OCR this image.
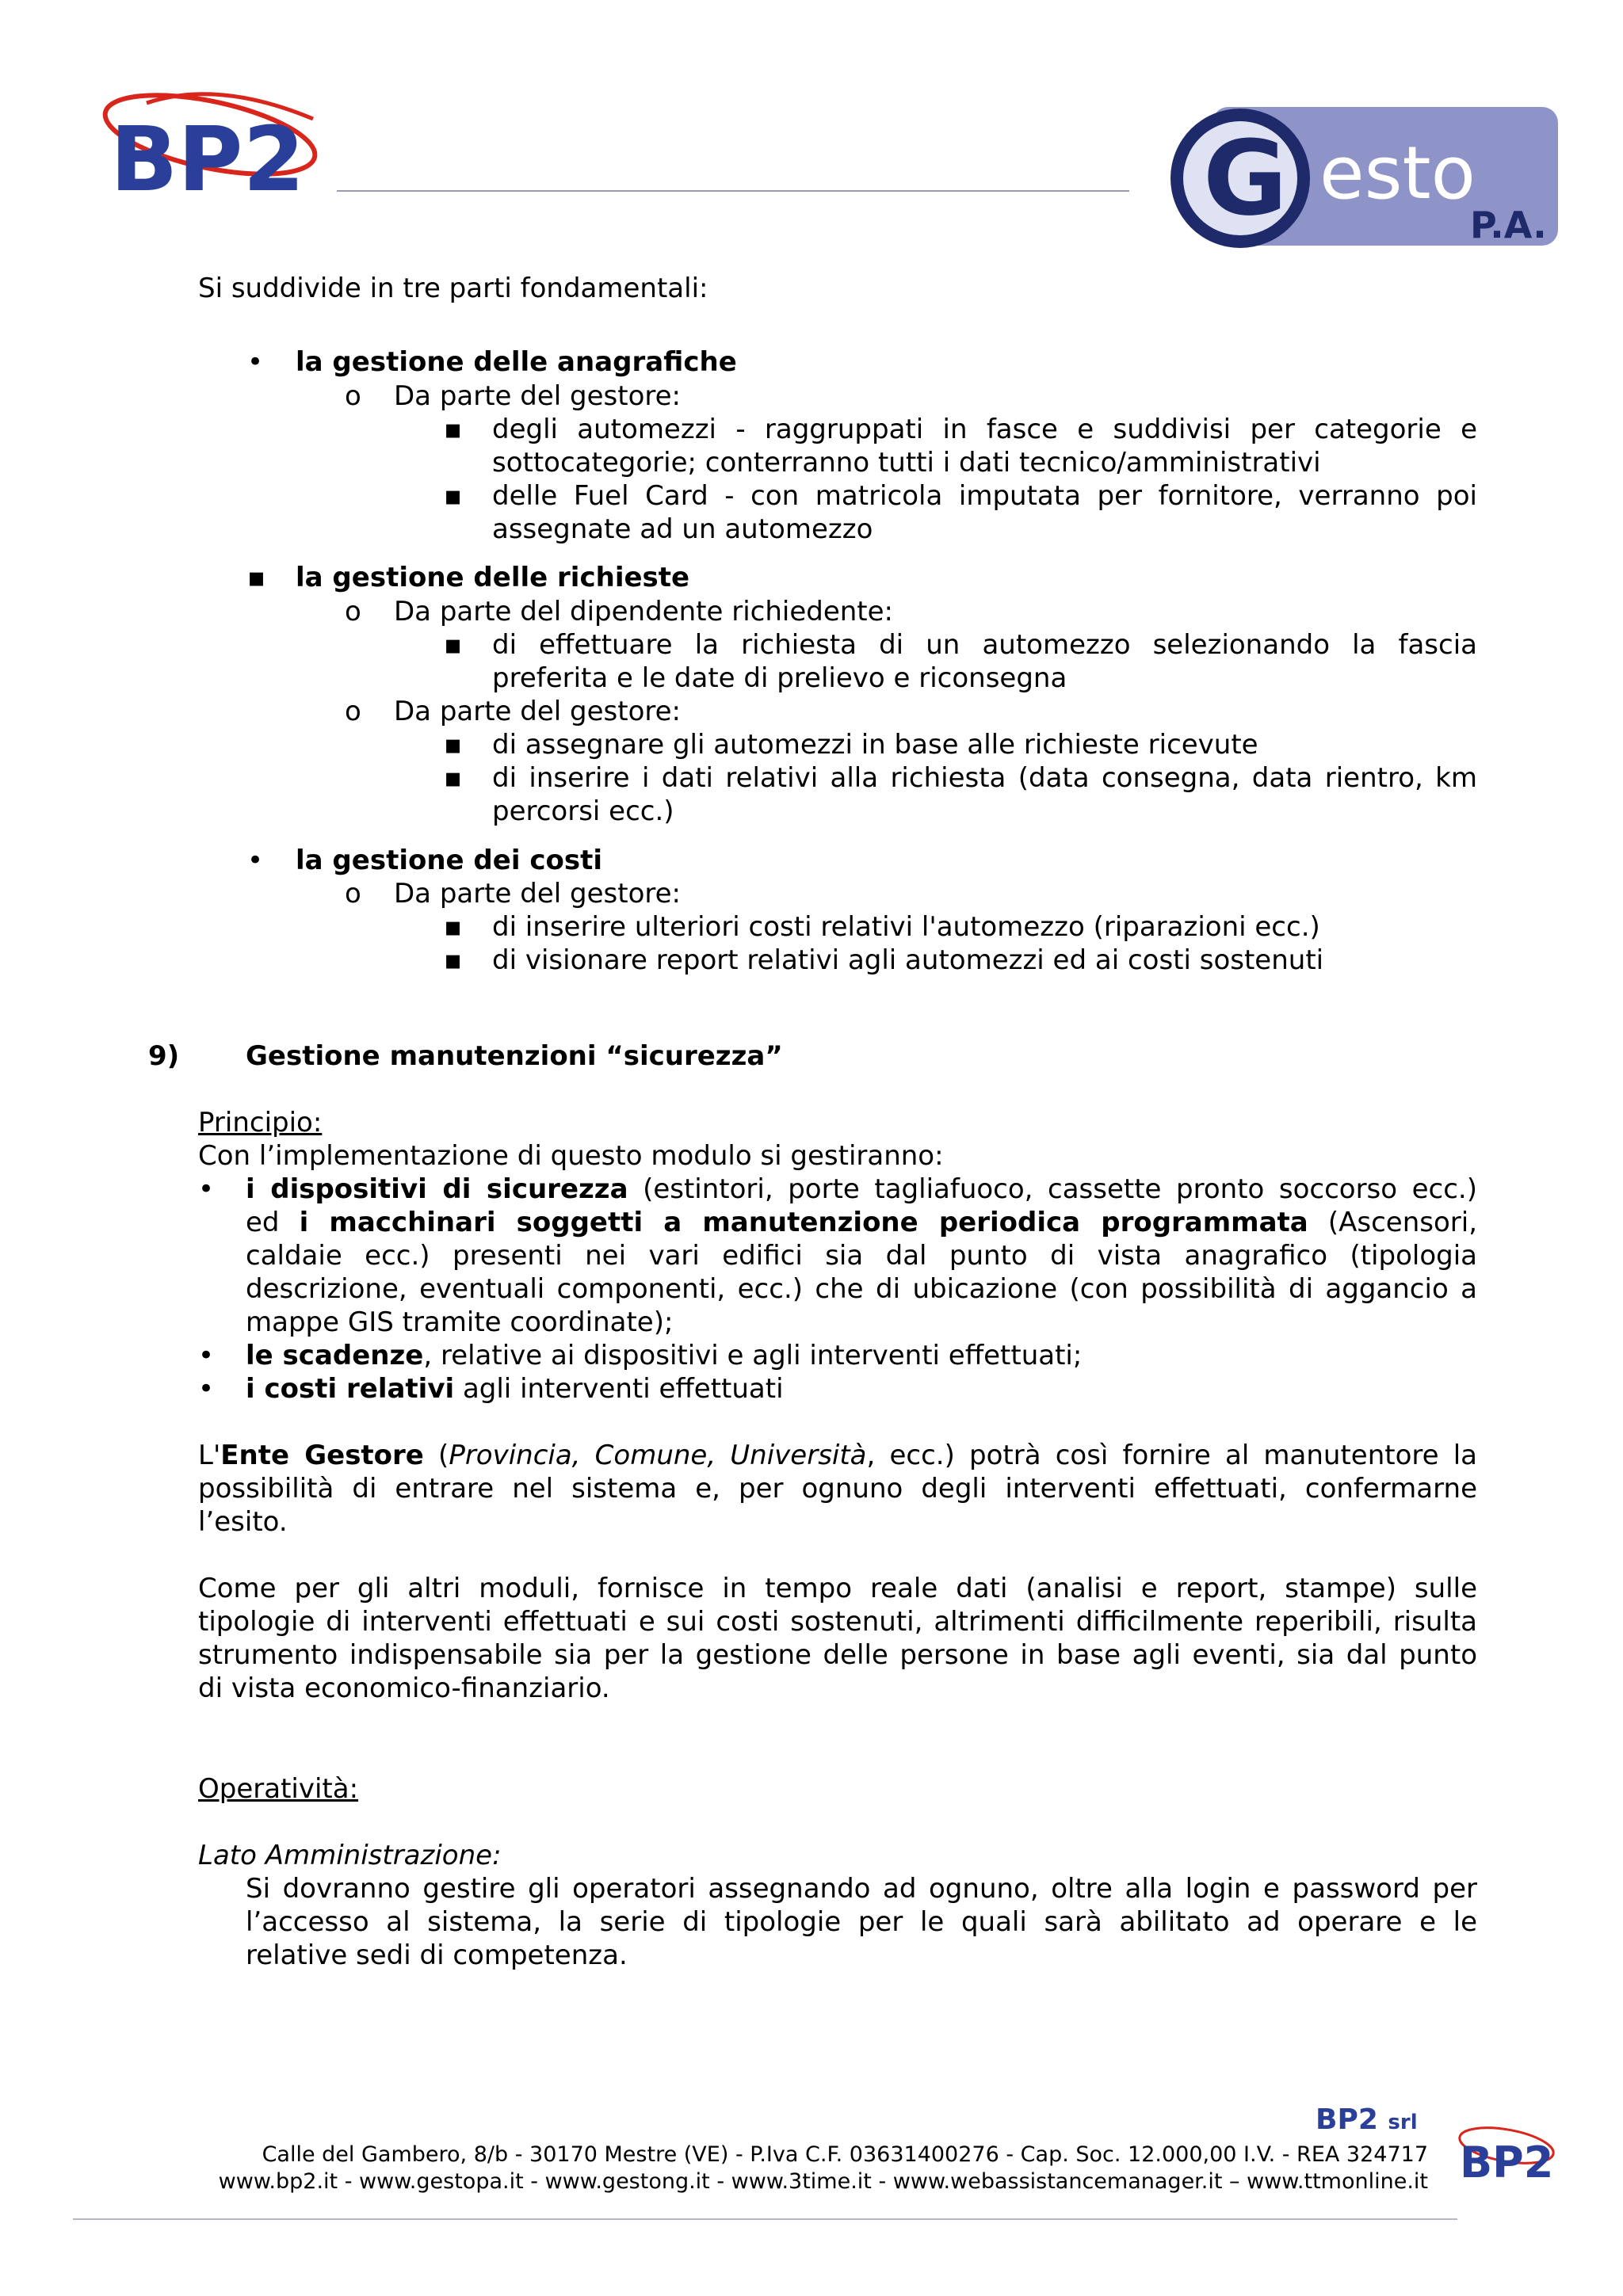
BP2	G esto
P.A.
Si suddivide in tre parti fondamentali:
• la gestione delle anagrafiche
o Da parte del gestore:
▪ degli automezzi - raggruppati in fasce e suddivisi per categorie e
sottocategorie; conterranno tutti i dati tecnico/amministrativi
▪ delle Fuel Card - con matricola imputata per fornitore, verranno poi
assegnate ad un automezzo
▪ la gestione delle richieste
o Da parte del dipendente richiedente:
▪ di effettuare la richiesta di un automezzo selezionando la fascia
preferita e le date di prelievo e riconsegna
o Da parte del gestore:
▪ di assegnare gli automezzi in base alle richieste ricevute
▪ di inserire i dati relativi alla richiesta (data consegna, data rientro, km
percorsi ecc.)
• la gestione dei costi
o Da parte del gestore:
▪ di inserire ulteriori costi relativi l'automezzo (riparazioni ecc.)
▪ di visionare report relativi agli automezzi ed ai costi sostenuti
9) Gestione manutenzioni “sicurezza”
Principio:
Con l’implementazione di questo modulo si gestiranno:
• i dispositivi di sicurezza (estintori, porte tagliafuoco, cassette pronto soccorso ecc.)
ed i macchinari soggetti a manutenzione periodica programmata (Ascensori,
caldaie ecc.) presenti nei vari edifici sia dal punto di vista anagrafico (tipologia
descrizione, eventuali componenti, ecc.) che di ubicazione (con possibilità di aggancio a
mappe GIS tramite coordinate);
• le scadenze, relative ai dispositivi e agli interventi effettuati;
• i costi relativi agli interventi effettuati
L'Ente Gestore (Provincia, Comune, Università, ecc.) potrà così fornire al manutentore la
possibilità di entrare nel sistema e, per ognuno degli interventi effettuati, confermarne
l’esito.
Come per gli altri moduli, fornisce in tempo reale dati (analisi e report, stampe) sulle
tipologie di interventi effettuati e sui costi sostenuti, altrimenti difficilmente reperibili, risulta
strumento indispensabile sia per la gestione delle persone in base agli eventi, sia dal punto
di vista economico-finanziario.
Operatività:
Lato Amministrazione:
Si dovranno gestire gli operatori assegnando ad ognuno, oltre alla login e password per
l’accesso al sistema, la serie di tipologie per le quali sarà abilitato ad operare e le
relative sedi di competenza.
BP2 srl
Calle del Gambero, 8/b - 30170 Mestre (VE) - P.Iva C.F. 03631400276 - Cap. Soc. 12.000,00 I.V. - REA 324717
www.bp2.it - www.gestopa.it - www.gestong.it - www.3time.it - www.webassistancemanager.it – www.ttmonline.it BP2
